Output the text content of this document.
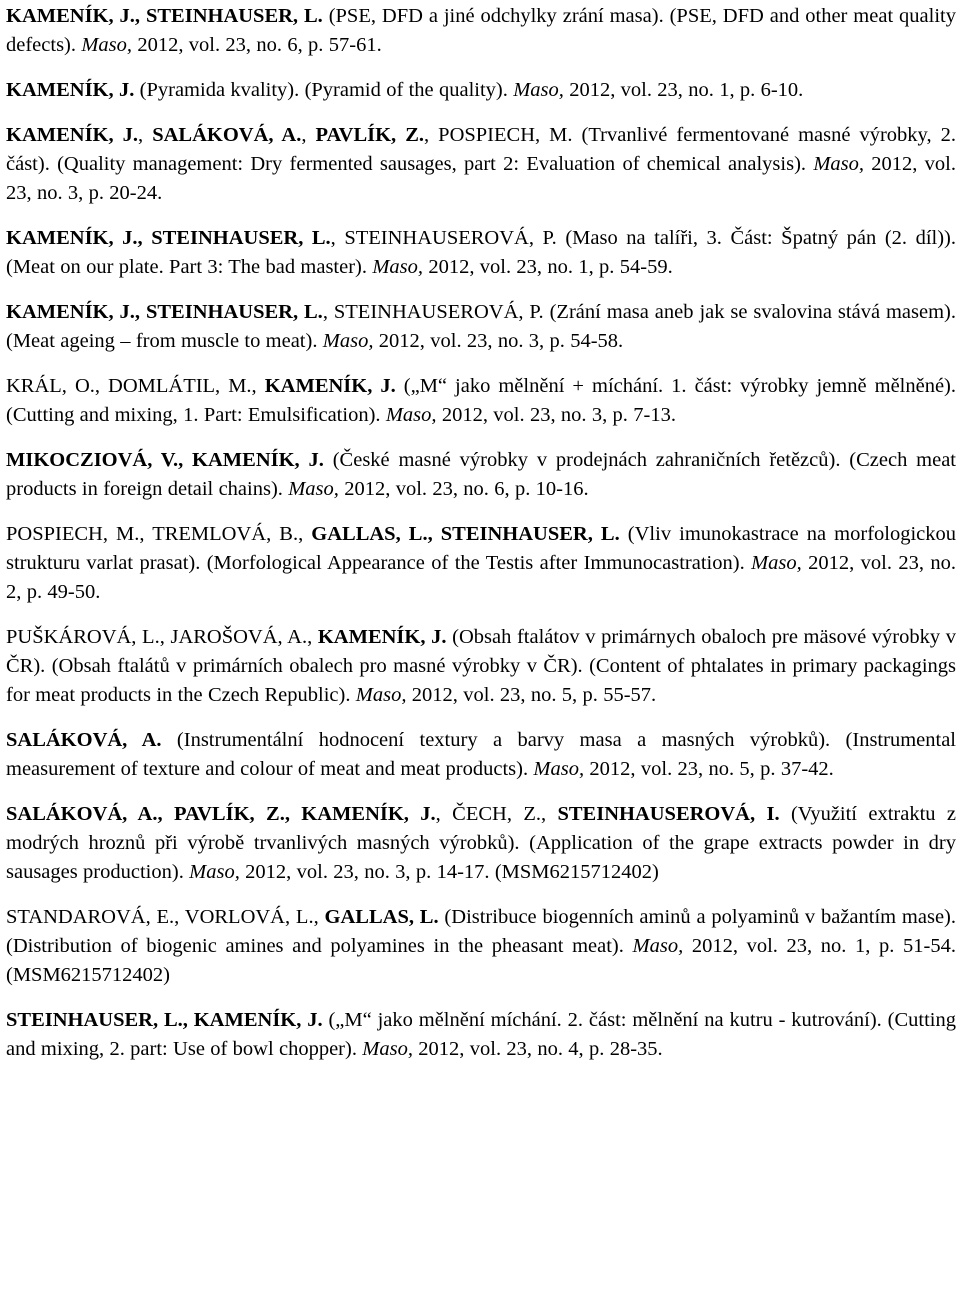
KAMENÍK, J., STEINHAUSER, L. (PSE, DFD a jiné odchylky zrání masa). (PSE, DFD and other meat quality defects). Maso, 2012, vol. 23, no. 6, p. 57-61.

KAMENÍK, J. (Pyramida kvality). (Pyramid of the quality). Maso, 2012, vol. 23, no. 1, p. 6-10.

KAMENÍK, J., SALÁKOVÁ, A., PAVLÍK, Z., POSPIECH, M. (Trvanlivé fermentované masné výrobky, 2. část). (Quality management: Dry fermented sausages, part 2: Evaluation of chemical analysis). Maso, 2012, vol. 23, no. 3, p. 20-24.

KAMENÍK, J., STEINHAUSER, L., STEINHAUSEROVÁ, P. (Maso na talíři, 3. Část: Špatný pán (2. díl)). (Meat on our plate. Part 3: The bad master). Maso, 2012, vol. 23, no. 1, p. 54-59.

KAMENÍK, J., STEINHAUSER, L., STEINHAUSEROVÁ, P. (Zrání masa aneb jak se svalovina stává masem). (Meat ageing – from muscle to meat). Maso, 2012, vol. 23, no. 3, p. 54-58.

KRÁL, O., DOMLÁTIL, M., KAMENÍK, J. („M“ jako mělnění + míchání. 1. část: výrobky jemně mělněné). (Cutting and mixing, 1. Part: Emulsification). Maso, 2012, vol. 23, no. 3, p. 7-13.

MIKOCZIOVÁ, V., KAMENÍK, J. (České masné výrobky v prodejnách zahraničních řetězců). (Czech meat products in foreign detail chains). Maso, 2012, vol. 23, no. 6, p. 10-16.

POSPIECH, M., TREMLOVÁ, B., GALLAS, L., STEINHAUSER, L. (Vliv imunokastrace na morfologickou strukturu varlat prasat). (Morfological Appearance of the Testis after Immunocastration). Maso, 2012, vol. 23, no. 2, p. 49-50.

PUŠKÁROVÁ, L., JAROŠOVÁ, A., KAMENÍK, J. (Obsah ftalátov v primárnych obaloch pre mäsové výrobky v ČR). (Obsah ftalátů v primárních obalech pro masné výrobky v ČR). (Content of phtalates in primary packagings for meat products in the Czech Republic). Maso, 2012, vol. 23, no. 5, p. 55-57.

SALÁKOVÁ, A. (Instrumentální hodnocení textury a barvy masa a masných výrobků). (Instrumental measurement of texture and colour of meat and meat products). Maso, 2012, vol. 23, no. 5, p. 37-42.

SALÁKOVÁ, A., PAVLÍK, Z., KAMENÍK, J., ČECH, Z., STEINHAUSEROVÁ, I. (Využití extraktu z modrých hroznů při výrobě trvanlivých masných výrobků). (Application of the grape extracts powder in dry sausages production). Maso, 2012, vol. 23, no. 3, p. 14-17. (MSM6215712402)

STANDAROVÁ, E., VORLOVÁ, L., GALLAS, L. (Distribuce biogenních aminů a polyaminů v bažantím mase). (Distribution of biogenic amines and polyamines in the pheasant meat). Maso, 2012, vol. 23, no. 1, p. 51-54. (MSM6215712402)

STEINHAUSER, L., KAMENÍK, J. („M“ jako mělnění míchání. 2. část: mělnění na kutru - kutrování). (Cutting and mixing, 2. part: Use of bowl chopper). Maso, 2012, vol. 23, no. 4, p. 28-35.
